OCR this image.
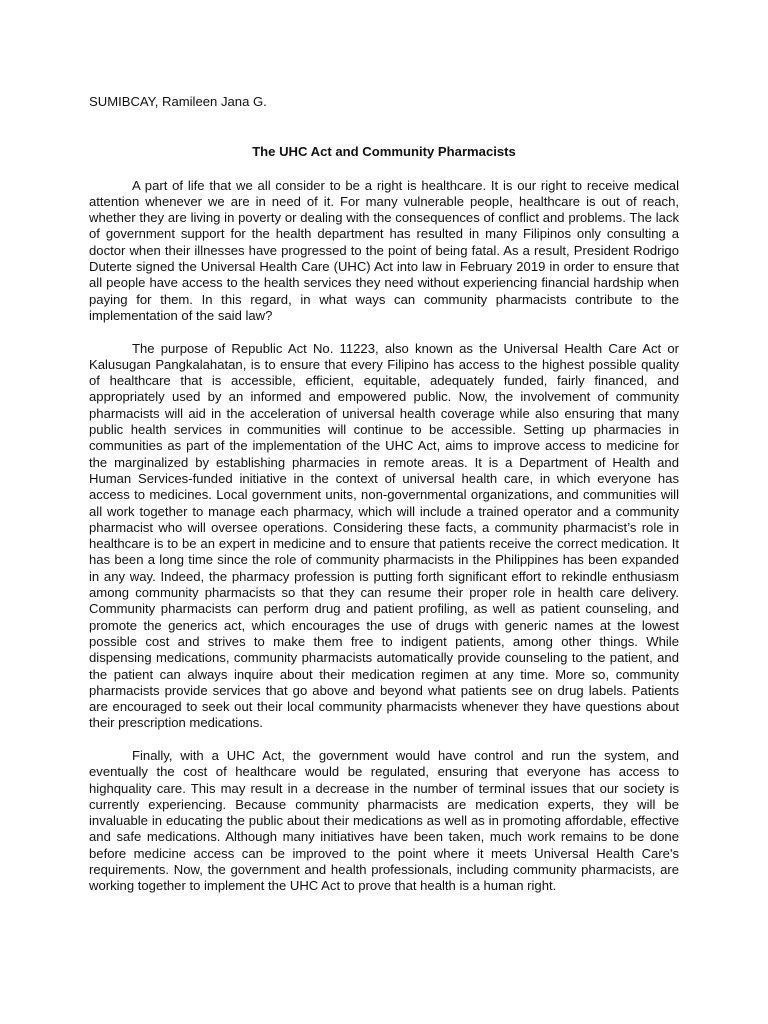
SUMIBCAY, Ramileen Jana G.

The UHC Act and Community Pharmacists

A part of life that we all consider to be a right is healthcare. It is our right to receive medical attention whenever we are in need of it. For many vulnerable people, healthcare is out of reach, whether they are living in poverty or dealing with the consequences of conflict and problems. The lack of government support for the health department has resulted in many Filipinos only consulting a doctor when their illnesses have progressed to the point of being fatal. As a result, President Rodrigo Duterte signed the Universal Health Care (UHC) Act into law in February 2019 in order to ensure that all people have access to the health services they need without experiencing financial hardship when paying for them. In this regard, in what ways can community pharmacists contribute to the implementation of the said law?

The purpose of Republic Act No. 11223, also known as the Universal Health Care Act or Kalusugan Pangkalahatan, is to ensure that every Filipino has access to the highest possible quality of healthcare that is accessible, efficient, equitable, adequately funded, fairly financed, and appropriately used by an informed and empowered public. Now, the involvement of community pharmacists will aid in the acceleration of universal health coverage while also ensuring that many public health services in communities will continue to be accessible. Setting up pharmacies in communities as part of the implementation of the UHC Act, aims to improve access to medicine for the marginalized by establishing pharmacies in remote areas. It is a Department of Health and Human Services-funded initiative in the context of universal health care, in which everyone has access to medicines. Local government units, non-governmental organizations, and communities will all work together to manage each pharmacy, which will include a trained operator and a community pharmacist who will oversee operations. Considering these facts, a community pharmacist’s role in healthcare is to be an expert in medicine and to ensure that patients receive the correct medication. It has been a long time since the role of community pharmacists in the Philippines has been expanded in any way. Indeed, the pharmacy profession is putting forth significant effort to rekindle enthusiasm among community pharmacists so that they can resume their proper role in health care delivery. Community pharmacists can perform drug and patient profiling, as well as patient counseling, and promote the generics act, which encourages the use of drugs with generic names at the lowest possible cost and strives to make them free to indigent patients, among other things. While dispensing medications, community pharmacists automatically provide counseling to the patient, and the patient can always inquire about their medication regimen at any time. More so, community pharmacists provide services that go above and beyond what patients see on drug labels. Patients are encouraged to seek out their local community pharmacists whenever they have questions about their prescription medications.

Finally, with a UHC Act, the government would have control and run the system, and eventually the cost of healthcare would be regulated, ensuring that everyone has access to highquality care. This may result in a decrease in the number of terminal issues that our society is currently experiencing. Because community pharmacists are medication experts, they will be invaluable in educating the public about their medications as well as in promoting affordable, effective and safe medications. Although many initiatives have been taken, much work remains to be done before medicine access can be improved to the point where it meets Universal Health Care's requirements. Now, the government and health professionals, including community pharmacists, are working together to implement the UHC Act to prove that health is a human right.
